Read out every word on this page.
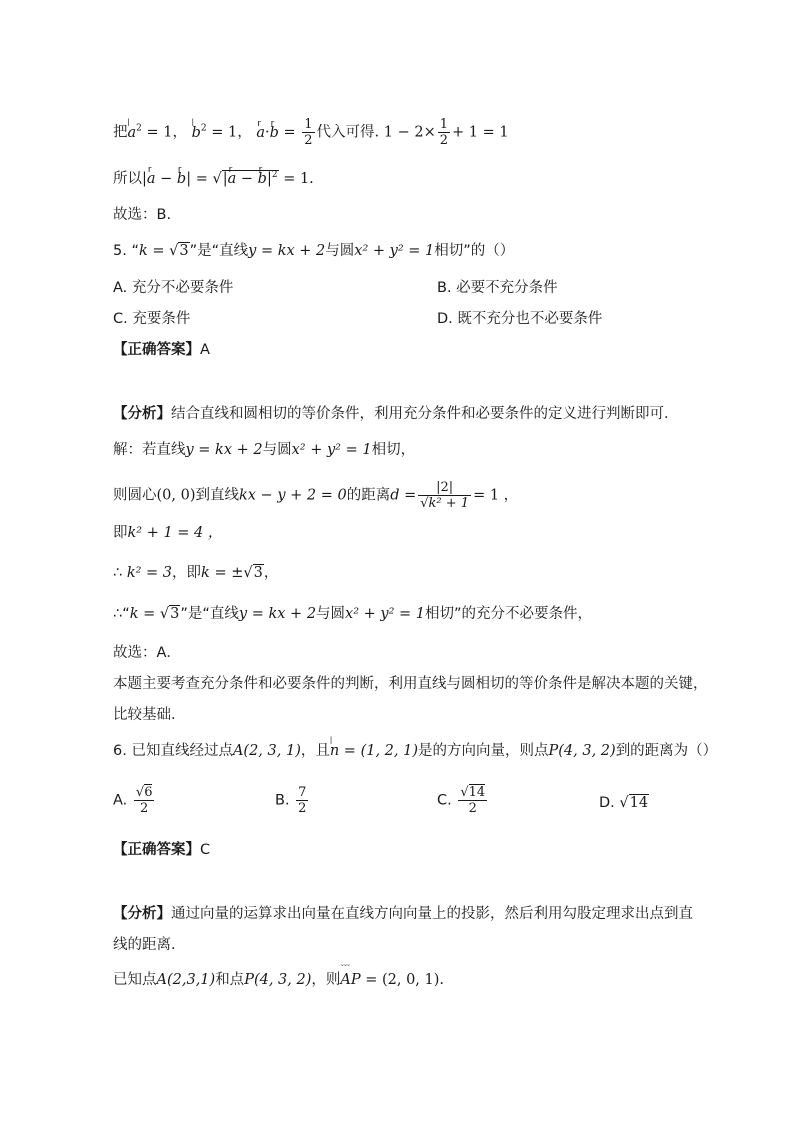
把∣ $a^2 = 1$， ∣ $b^2 = 1$， r a·r $b = \frac{1}{2}$ 代入可得. $1 - 2\times \frac{1}{2} + 1 = 1$
所以|r a − r b| = √|r a − r $b|^2 = 1$.
故选：B.
5. “k = √3”是“直线y = kx + 2与圆x² + y² = 1相切”的（）
A. 充分不必要条件	B. 必要不充分条件
C. 充要条件	D. 既不充分也不必要条件
【正确答案】A
【分析】结合直线和圆相切的等价条件，利用充分条件和必要条件的定义进行判断即可．
解：若直线y = kx + 2与圆x² + y² = 1相切，
则圆心(0, 0)到直线kx − y + 2 = 0的距离$d = \frac{|2|}{\text{√k² + 1}} = 1$ ，
即k² + 1 = 4 ，
∴ k² = 3，即k = ±√3，
∴“k = √3”是“直线y = kx + 2与圆x² + y² = 1相切”的充分不必要条件，
故选：A．
本题主要考查充分条件和必要条件的判断，利用直线与圆相切的等价条件是解决本题的关键，
比较基础．
6. 已知直线经过点A(2, 3, 1)，且∣ n = (1, 2, 1)是的方向向量，则点P(4, 3, 2)到的距离为（）
A. $\frac{√6}{2}$	B. $\frac{7}{2}$	C. $\frac{√14}{2}$	D. √14
【正确答案】C
【分析】通过向量的运算求出向量在直线方向向量上的投影，然后利用勾股定理求出点到直
线的距离.
已知点A(2,3,1)和点P(4, 3, 2)，则˘˘˘ AP = (2, 0, 1).
